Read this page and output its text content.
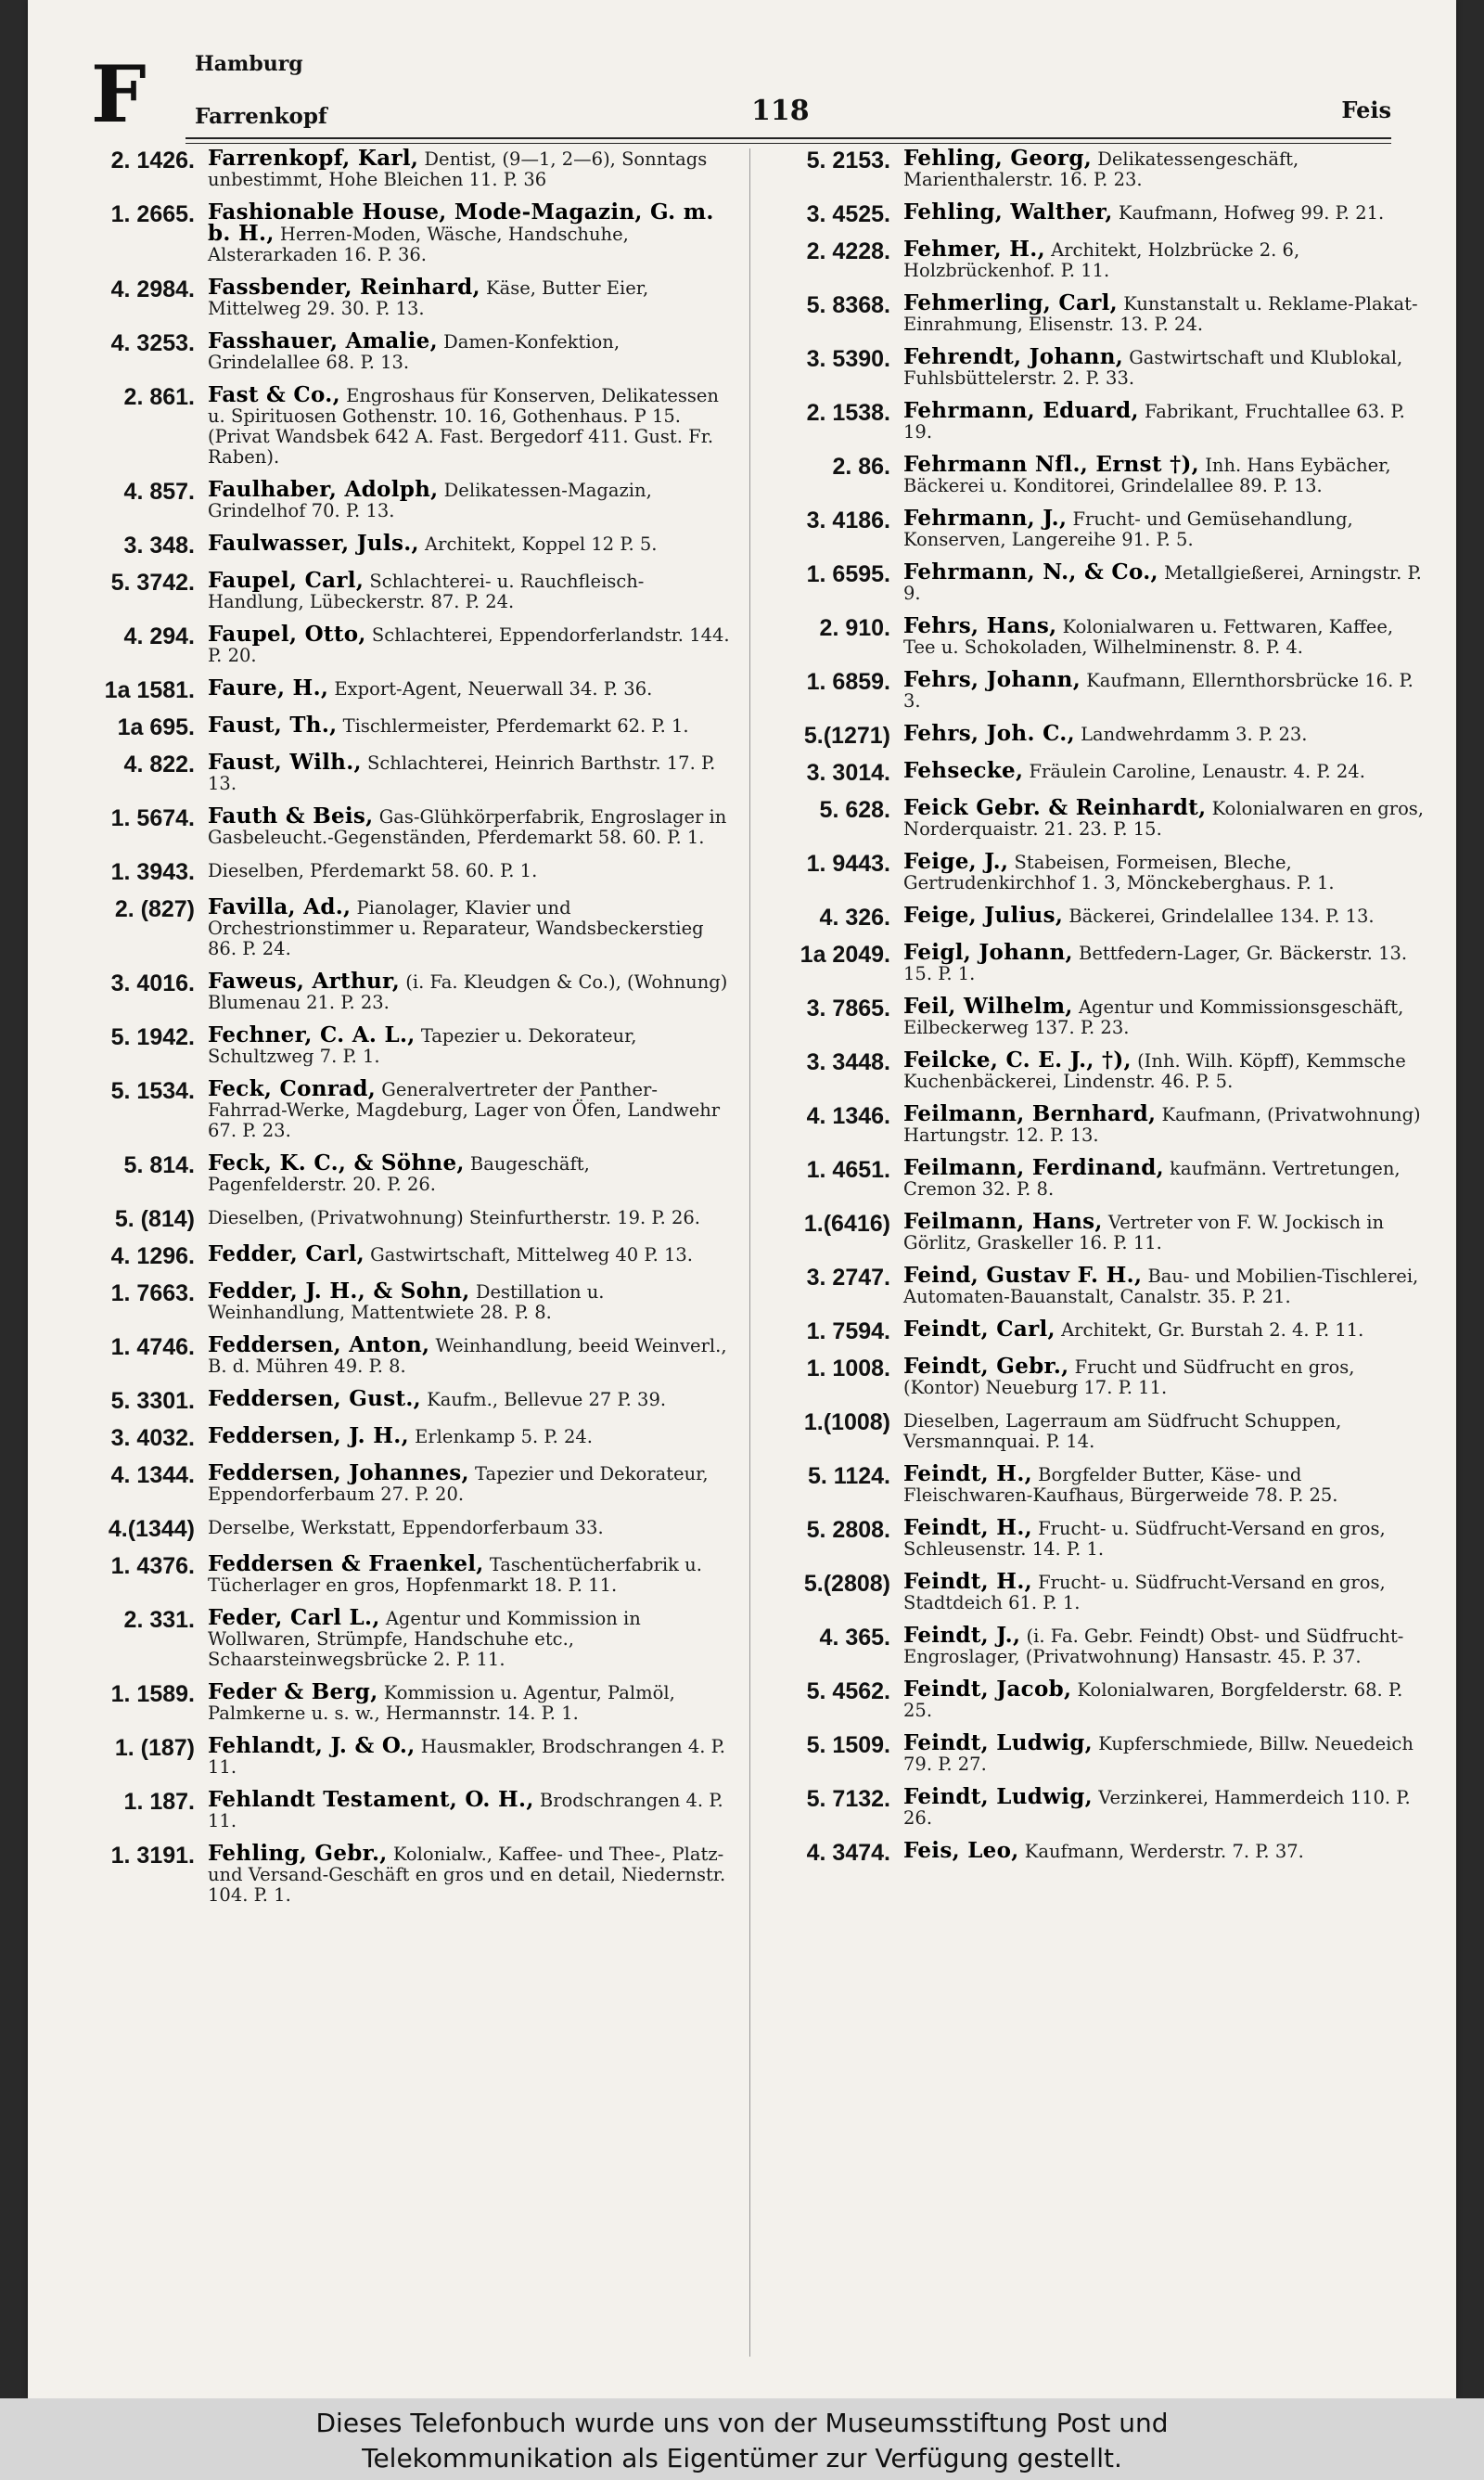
F Hamburg
Farrenkopf	118	Feis
2. 1426. Farrenkopf, Karl, Dentist, (9—1, 2—6), Sonntags unbestimmt, Hohe Bleichen 11. P. 36
1. 2665. Fashionable House, Mode-Magazin, G. m. b. H., Herren-Moden, Wäsche, Handschuhe, Alsterarkaden 16. P. 36.
4. 2984. Fassbender, Reinhard, Käse, Butter Eier, Mittelweg 29. 30. P. 13.
4. 3253. Fasshauer, Amalie, Damen-Konfektion, Grindelallee 68. P. 13.
2. 861. Fast & Co., Engroshaus für Konserven, Delikatessen u. Spirituosen Gothenstr. 10. 16, Gothenhaus. P 15. (Privat Wandsbek 642 A. Fast. Bergedorf 411. Gust. Fr. Raben).
4. 857. Faulhaber, Adolph, Delikatessen-Magazin, Grindelhof 70. P. 13.
3. 348. Faulwasser, Juls., Architekt, Koppel 12 P. 5.
5. 3742. Faupel, Carl, Schlachterei- u. Rauchfleisch-Handlung, Lübeckerstr. 87. P. 24.
4. 294. Faupel, Otto, Schlachterei, Eppendorferlandstr. 144. P. 20.
1a 1581. Faure, H., Export-Agent, Neuerwall 34. P. 36.
1a 695. Faust, Th., Tischlermeister, Pferdemarkt 62. P. 1.
4. 822. Faust, Wilh., Schlachterei, Heinrich Barthstr. 17. P. 13.
1. 5674. Fauth & Beis, Gas-Glühkörperfabrik, Engroslager in Gasbeleucht.-Gegenständen, Pferdemarkt 58. 60. P. 1.
1. 3943. Dieselben, Pferdemarkt 58. 60. P. 1.
2. (827) Favilla, Ad., Pianolager, Klavier und Orchestrionstimmer u. Reparateur, Wandsbeckerstieg 86. P. 24.
3. 4016. Faweus, Arthur, (i. Fa. Kleudgen & Co.), (Wohnung) Blumenau 21. P. 23.
5. 1942. Fechner, C. A. L., Tapezier u. Dekorateur, Schultzweg 7. P. 1.
5. 1534. Feck, Conrad, Generalvertreter der Panther-Fahrrad-Werke, Magdeburg, Lager von Öfen, Landwehr 67. P. 23.
5. 814. Feck, K. C., & Söhne, Baugeschäft, Pagenfelderstr. 20. P. 26.
5. (814) Dieselben, (Privatwohnung) Steinfurtherstr. 19. P. 26.
4. 1296. Fedder, Carl, Gastwirtschaft, Mittelweg 40 P. 13.
1. 7663. Fedder, J. H., & Sohn, Destillation u. Weinhandlung, Mattentwiete 28. P. 8.
1. 4746. Feddersen, Anton, Weinhandlung, beeid Weinverl., B. d. Mühren 49. P. 8.
5. 3301. Feddersen, Gust., Kaufm., Bellevue 27 P. 39.
3. 4032. Feddersen, J. H., Erlenkamp 5. P. 24.
4. 1344. Feddersen, Johannes, Tapezier und Dekorateur, Eppendorferbaum 27. P. 20.
4.(1344) Derselbe, Werkstatt, Eppendorferbaum 33.
1. 4376. Feddersen & Fraenkel, Taschentücherfabrik u. Tücherlager en gros, Hopfenmarkt 18. P. 11.
2. 331. Feder, Carl L., Agentur und Kommission in Wollwaren, Strümpfe, Handschuhe etc., Schaarsteinwegsbrücke 2. P. 11.
1. 1589. Feder & Berg, Kommission u. Agentur, Palmöl, Palmkerne u. s. w., Hermannstr. 14. P. 1.
1. (187) Fehlandt, J. & O., Hausmakler, Brodschrangen 4. P. 11.
1. 187. Fehlandt Testament, O. H., Brodschrangen 4. P. 11.
1. 3191. Fehling, Gebr., Kolonialw., Kaffee- und Thee-, Platz- und Versand-Geschäft en gros und en detail, Niedernstr. 104. P. 1.
5. 2153. Fehling, Georg, Delikatessengeschäft, Marienthalerstr. 16. P. 23.
3. 4525. Fehling, Walther, Kaufmann, Hofweg 99. P. 21.
2. 4228. Fehmer, H., Architekt, Holzbrücke 2. 6, Holzbrückenhof. P. 11.
5. 8368. Fehmerling, Carl, Kunstanstalt u. Reklame-Plakat-Einrahmung, Elisenstr. 13. P. 24.
3. 5390. Fehrendt, Johann, Gastwirtschaft und Klublokal, Fuhlsbüttelerstr. 2. P. 33.
2. 1538. Fehrmann, Eduard, Fabrikant, Fruchtallee 63. P. 19.
2. 86. Fehrmann Nfl., Ernst †), Inh. Hans Eybächer, Bäckerei u. Konditorei, Grindelallee 89. P. 13.
3. 4186. Fehrmann, J., Frucht- und Gemüsehandlung, Konserven, Langereihe 91. P. 5.
1. 6595. Fehrmann, N., & Co., Metallgießerei, Arningstr. P. 9.
2. 910. Fehrs, Hans, Kolonialwaren u. Fettwaren, Kaffee, Tee u. Schokoladen, Wilhelminenstr. 8. P. 4.
1. 6859. Fehrs, Johann, Kaufmann, Ellernthorsbrücke 16. P. 3.
5.(1271) Fehrs, Joh. C., Landwehrdamm 3. P. 23.
3. 3014. Fehsecke, Fräulein Caroline, Lenaustr. 4. P. 24.
5. 628. Feick Gebr. & Reinhardt, Kolonialwaren en gros, Norderquaistr. 21. 23. P. 15.
1. 9443. Feige, J., Stabeisen, Formeisen, Bleche, Gertrudenkirchhof 1. 3, Mönckeberghaus. P. 1.
4. 326. Feige, Julius, Bäckerei, Grindelallee 134. P. 13.
1a 2049. Feigl, Johann, Bettfedern-Lager, Gr. Bäckerstr. 13. 15. P. 1.
3. 7865. Feil, Wilhelm, Agentur und Kommissionsgeschäft, Eilbeckerweg 137. P. 23.
3. 3448. Feilcke, C. E. J., †), (Inh. Wilh. Köpff), Kemmsche Kuchenbäckerei, Lindenstr. 46. P. 5.
4. 1346. Feilmann, Bernhard, Kaufmann, (Privatwohnung) Hartungstr. 12. P. 13.
1. 4651. Feilmann, Ferdinand, kaufmänn. Vertretungen, Cremon 32. P. 8.
1.(6416) Feilmann, Hans, Vertreter von F. W. Jockisch in Görlitz, Graskeller 16. P. 11.
3. 2747. Feind, Gustav F. H., Bau- und Mobilien-Tischlerei, Automaten-Bauanstalt, Canalstr. 35. P. 21.
1. 7594. Feindt, Carl, Architekt, Gr. Burstah 2. 4. P. 11.
1. 1008. Feindt, Gebr., Frucht und Südfrucht en gros, (Kontor) Neueburg 17. P. 11.
1.(1008) Dieselben, Lagerraum am Südfrucht Schuppen, Versmannquai. P. 14.
5. 1124. Feindt, H., Borgfelder Butter, Käse- und Fleischwaren-Kaufhaus, Bürgerweide 78. P. 25.
5. 2808. Feindt, H., Frucht- u. Südfrucht-Versand en gros, Schleusenstr. 14. P. 1.
5.(2808) Feindt, H., Frucht- u. Südfrucht-Versand en gros, Stadtdeich 61. P. 1.
4. 365. Feindt, J., (i. Fa. Gebr. Feindt) Obst- und Südfrucht-Engroslager, (Privatwohnung) Hansastr. 45. P. 37.
5. 4562. Feindt, Jacob, Kolonialwaren, Borgfelderstr. 68. P. 25.
5. 1509. Feindt, Ludwig, Kupferschmiede, Billw. Neuedeich 79. P. 27.
5. 7132. Feindt, Ludwig, Verzinkerei, Hammerdeich 110. P. 26.
4. 3474. Feis, Leo, Kaufmann, Werderstr. 7. P. 37.
Dieses Telefonbuch wurde uns von der Museumsstiftung Post und
Telekommunikation als Eigentümer zur Verfügung gestellt.
